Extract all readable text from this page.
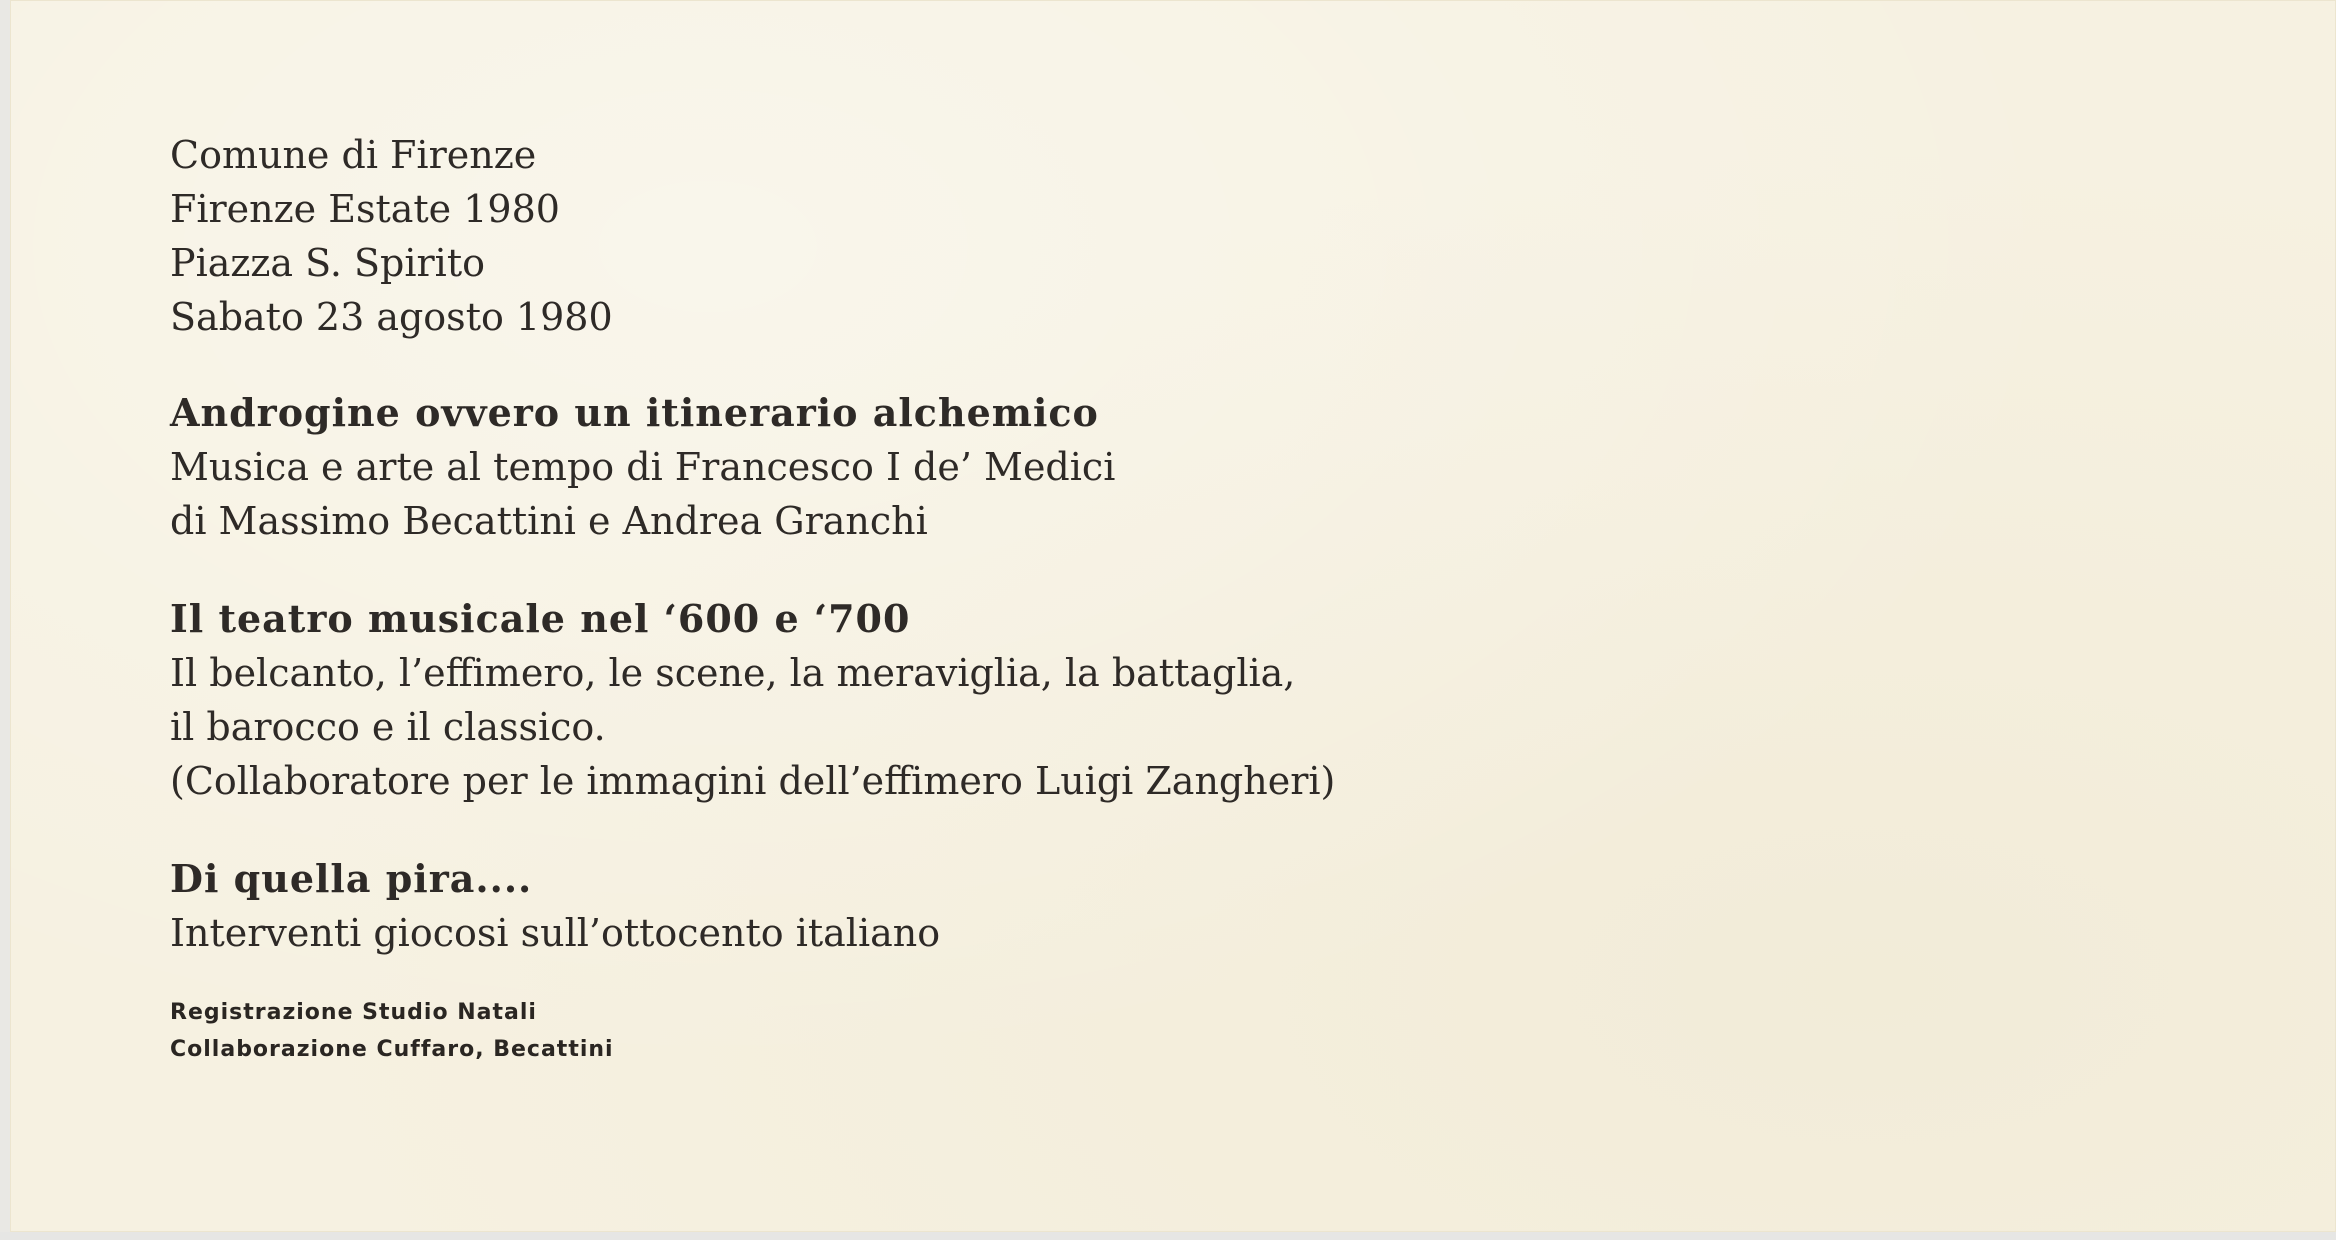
Comune di Firenze

Firenze Estate 1980

Piazza S. Spirito

Sabato 23 agosto 1980

Androgine ovvero un itinerario alchemico

Musica e arte al tempo di Francesco I de’ Medici

di Massimo Becattini e Andrea Granchi

Il teatro musicale nel ‘600 e ‘700

Il belcanto, l’effimero, le scene, la meraviglia, la battaglia,

il barocco e il classico.

(Collaboratore per le immagini dell’effimero Luigi Zangheri)

Di quella pira....

Interventi giocosi sull’ottocento italiano

Registrazione Studio Natali
Collaborazione Cuffaro, Becattini
